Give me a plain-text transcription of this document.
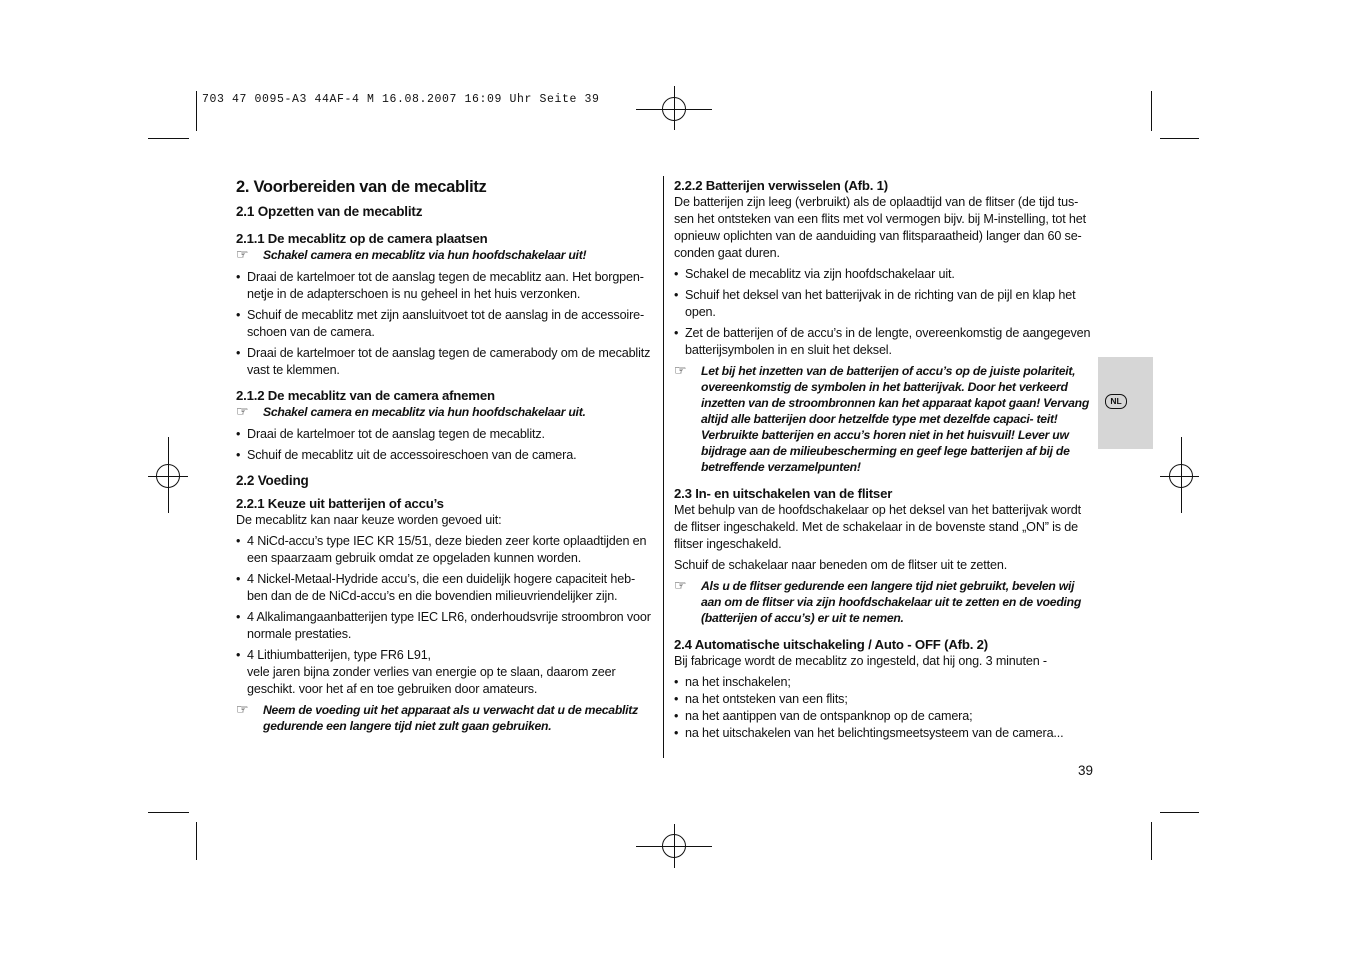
703 47 0095-A3 44AF-4 M 16.08.2007 16:09 Uhr Seite 39
2. Voorbereiden van de mecablitz
2.1 Opzetten van de mecablitz
2.1.1 De mecablitz op de camera plaatsen
☞ Schakel camera en mecablitz via hun hoofdschakelaar uit!
• Draai de kartelmoer tot de aanslag tegen de mecablitz aan. Het borgpen- netje in de adapterschoen is nu geheel in het huis verzonken.
• Schuif de mecablitz met zijn aansluitvoet tot de aanslag in de accessoire- schoen van de camera.
• Draai de kartelmoer tot de aanslag tegen de camerabody om de mecablitz vast te klemmen.
2.1.2 De mecablitz van de camera afnemen
☞ Schakel camera en mecablitz via hun hoofdschakelaar uit.
• Draai de kartelmoer tot de aanslag tegen de mecablitz.
• Schuif de mecablitz uit de accessoireschoen van de camera.
2.2 Voeding
2.2.1 Keuze uit batterijen of accu’s
De mecablitz kan naar keuze worden gevoed uit:
• 4 NiCd-accu’s type IEC KR 15/51, deze bieden zeer korte oplaadtijden en een spaarzaam gebruik omdat ze opgeladen kunnen worden.
• 4 Nickel-Metaal-Hydride accu’s, die een duidelijk hogere capaciteit heb- ben dan de de NiCd-accu’s en die bovendien milieuvriendelijker zijn.
• 4 Alkalimangaanbatterijen type IEC LR6, onderhoudsvrije stroombron voor normale prestaties.
• 4 Lithiumbatterijen, type FR6 L91,
vele jaren bijna zonder verlies van energie op te slaan, daarom zeer geschikt. voor het af en toe gebruiken door amateurs.
☞ Neem de voeding uit het apparaat als u verwacht dat u de mecablitz gedurende een langere tijd niet zult gaan gebruiken.
2.2.2 Batterijen verwisselen (Afb. 1)
De batterijen zijn leeg (verbruikt) als de oplaadtijd van de flitser (de tijd tus- sen het ontsteken van een flits met vol vermogen bijv. bij M-instelling, tot het opnieuw oplichten van de aanduiding van flitsparaatheid) langer dan 60 se- conden gaat duren.
• Schakel de mecablitz via zijn hoofdschakelaar uit.
• Schuif het deksel van het batterijvak in de richting van de pijl en klap het open.
• Zet de batterijen of de accu’s in de lengte, overeenkomstig de aangegeven batterijsymbolen in en sluit het deksel.
☞ Let bij het inzetten van de batterijen of accu’s op de juiste polariteit, overeenkomstig de symbolen in het batterijvak. Door het verkeerd inzetten van de stroombronnen kan het apparaat kapot gaan! Vervang altijd alle batterijen door hetzelfde type met dezelfde capaci- teit! Verbruikte batterijen en accu’s horen niet in het huisvuil! Lever uw bijdrage aan de milieubescherming en geef lege batterijen af bij de betreffende verzamelpunten!
2.3 In- en uitschakelen van de flitser
Met behulp van de hoofdschakelaar op het deksel van het batterijvak wordt de flitser ingeschakeld. Met de schakelaar in de bovenste stand „ON” is de flitser ingeschakeld.
Schuif de schakelaar naar beneden om de flitser uit te zetten.
☞ Als u de flitser gedurende een langere tijd niet gebruikt, bevelen wij aan om de flitser via zijn hoofdschakelaar uit te zetten en de voeding (batterijen of accu’s) er uit te nemen.
2.4 Automatische uitschakeling / Auto - OFF (Afb. 2)
Bij fabricage wordt de mecablitz zo ingesteld, dat hij ong. 3 minuten -
• na het inschakelen;
• na het ontsteken van een flits;
• na het aantippen van de ontspanknop op de camera;
• na het uitschakelen van het belichtingsmeetsysteem van de camera...
NL
39
